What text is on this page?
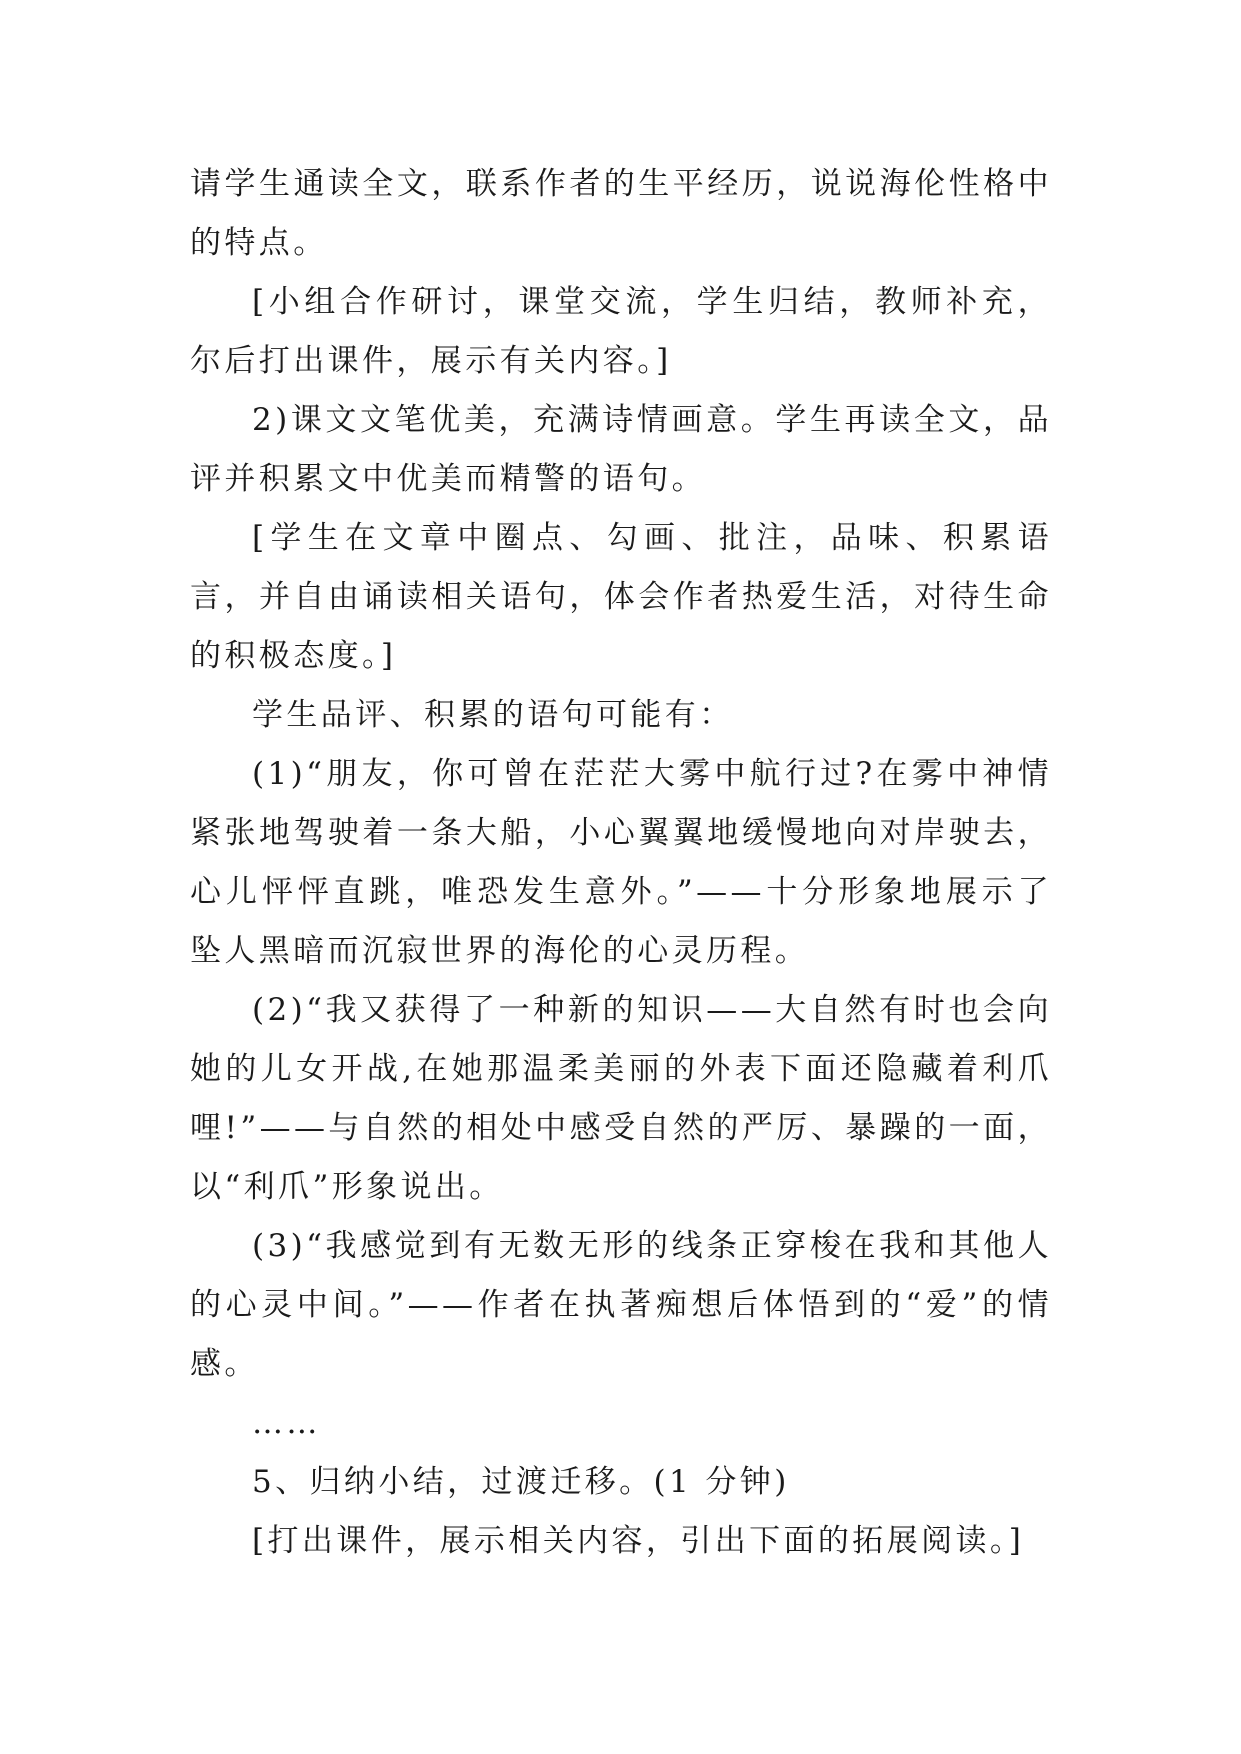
请学生通读全文，联系作者的生平经历，说说海伦性格中的特点。

[小组合作研讨，课堂交流，学生归结，教师补充，尔后打出课件，展示有关内容。]

2)课文文笔优美，充满诗情画意。学生再读全文，品评并积累文中优美而精警的语句。

[学生在文章中圈点、勾画、批注，品味、积累语言，并自由诵读相关语句，体会作者热爱生活，对待生命的积极态度。]

学生品评、积累的语句可能有：

(1)“朋友，你可曾在茫茫大雾中航行过?在雾中神情紧张地驾驶着一条大船，小心翼翼地缓慢地向对岸驶去，心儿怦怦直跳，唯恐发生意外。”——十分形象地展示了坠人黑暗而沉寂世界的海伦的心灵历程。

(2)“我又获得了一种新的知识——大自然有时也会向她的儿女开战,在她那温柔美丽的外表下面还隐藏着利爪哩!”——与自然的相处中感受自然的严厉、暴躁的一面，以“利爪”形象说出。

(3)“我感觉到有无数无形的线条正穿梭在我和其他人的心灵中间。”——作者在执著痴想后体悟到的“爱”的情感。

……

5、归纳小结，过渡迁移。(1 分钟)

[打出课件，展示相关内容，引出下面的拓展阅读。]
